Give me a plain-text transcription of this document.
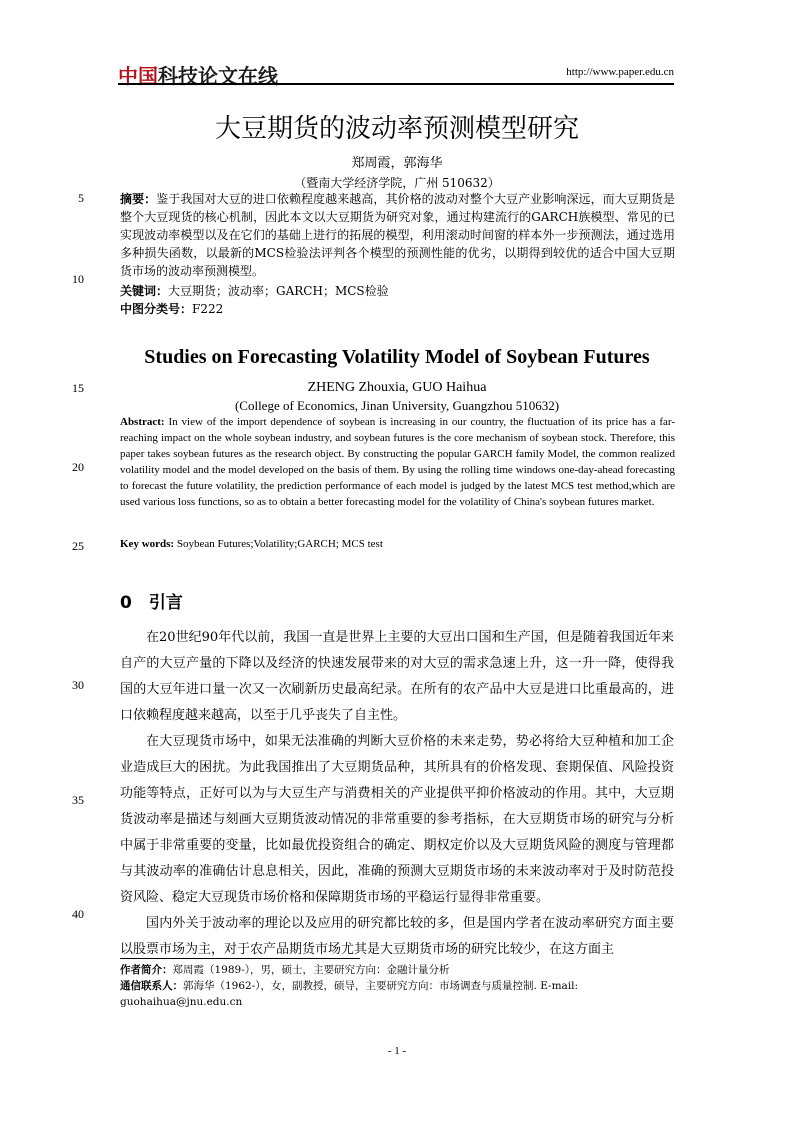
中国科技论文在线	http://www.paper.edu.cn
大豆期货的波动率预测模型研究
郑周霞，郭海华
（暨南大学经济学院，广州 510632）
摘要：鉴于我国对大豆的进口依赖程度越来越高，其价格的波动对整个大豆产业影响深远，而大豆期货是整个大豆现货的核心机制，因此本文以大豆期货为研究对象，通过构建流行的GARCH族模型、常见的已实现波动率模型以及在它们的基础上进行的拓展的模型，利用滚动时间窗的样本外一步预测法，通过选用多种损失函数，以最新的MCS检验法评判各个模型的预测性能的优劣，以期得到较优的适合中国大豆期货市场的波动率预测模型。
关键词：大豆期货；波动率；GARCH；MCS检验
中图分类号：F222
Studies on Forecasting Volatility Model of Soybean Futures
ZHENG Zhouxia, GUO Haihua
(College of Economics, Jinan University, Guangzhou 510632)
Abstract: In view of the import dependence of soybean is increasing in our country, the fluctuation of its price has a far-reaching impact on the whole soybean industry, and soybean futures is the core mechanism of soybean stock. Therefore, this paper takes soybean futures as the research object. By constructing the popular GARCH family Model, the common realized volatility model and the model developed on the basis of them. By using the rolling time windows one-day-ahead forecasting to forecast the future volatility, the prediction performance of each model is judged by the latest MCS test method,which are used various loss functions, so as to obtain a better forecasting model for the volatility of China's soybean futures market.
Key words: Soybean Futures;Volatility;GARCH; MCS test
0　引言

在20世纪90年代以前，我国一直是世界上主要的大豆出口国和生产国，但是随着我国近年来自产的大豆产量的下降以及经济的快速发展带来的对大豆的需求急速上升，这一升一降，使得我国的大豆年进口量一次又一次刷新历史最高纪录。在所有的农产品中大豆是进口比重最高的，进口依赖程度越来越高，以至于几乎丧失了自主性。

在大豆现货市场中，如果无法准确的判断大豆价格的未来走势，势必将给大豆种植和加工企业造成巨大的困扰。为此我国推出了大豆期货品种，其所具有的价格发现、套期保值、风险投资功能等特点，正好可以为与大豆生产与消费相关的产业提供平抑价格波动的作用。其中，大豆期货波动率是描述与刻画大豆期货波动情况的非常重要的参考指标，在大豆期货市场的研究与分析中属于非常重要的变量，比如最优投资组合的确定、期权定价以及大豆期货风险的测度与管理都与其波动率的准确估计息息相关，因此，准确的预测大豆期货市场的未来波动率对于及时防范投资风险、稳定大豆现货市场价格和保障期货市场的平稳运行显得非常重要。

国内外关于波动率的理论以及应用的研究都比较的多，但是国内学者在波动率研究方面主要以股票市场为主，对于农产品期货市场尤其是大豆期货市场的研究比较少，在这方面主

5
10
15
20
25
30
35
40

作者简介：郑周霞（1989-），男，硕士，主要研究方向：金融计量分析

通信联系人：郭海华（1962-），女，副教授，硕导，主要研究方向：市场调查与质量控制. E-mail: guohaihua@jnu.edu.cn

- 1 -
